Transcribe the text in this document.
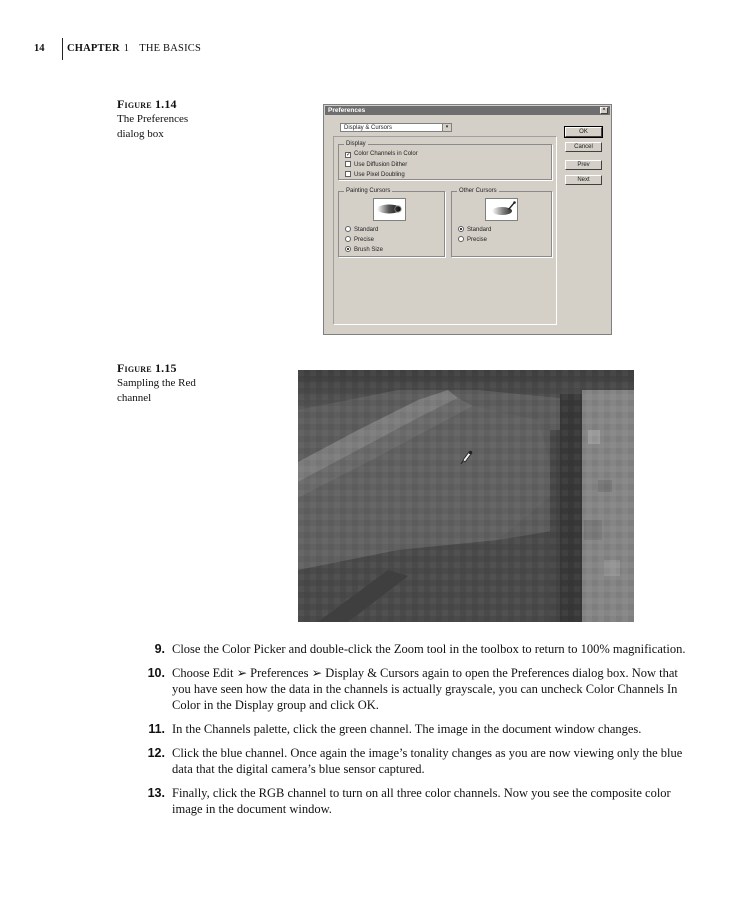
14 CHAPTER 1 THE BASICS
Figure 1.14
The Preferences
dialog box
Preferences	×
Display & Cursors	▾
OK
Cancel
Prev
Next
Display
✓ Color Channels in Color
Use Diffusion Dither
Use Pixel Doubling
Painting Cursors
Standard
Precise
Brush Size
Other Cursors
Standard
Precise
Figure 1.15
Sampling the Red
channel
9. Close the Color Picker and double-click the Zoom tool in the toolbox to return to 100% magnification.
10. Choose Edit ➢ Preferences ➢ Display & Cursors again to open the Preferences dialog box. Now that you have seen how the data in the channels is actually grayscale, you can uncheck Color Channels In Color in the Display group and click OK.
11. In the Channels palette, click the green channel. The image in the document window changes.
12. Click the blue channel. Once again the image’s tonality changes as you are now viewing only the blue data that the digital camera’s blue sensor captured.
13. Finally, click the RGB channel to turn on all three color channels. Now you see the composite color image in the document window.
